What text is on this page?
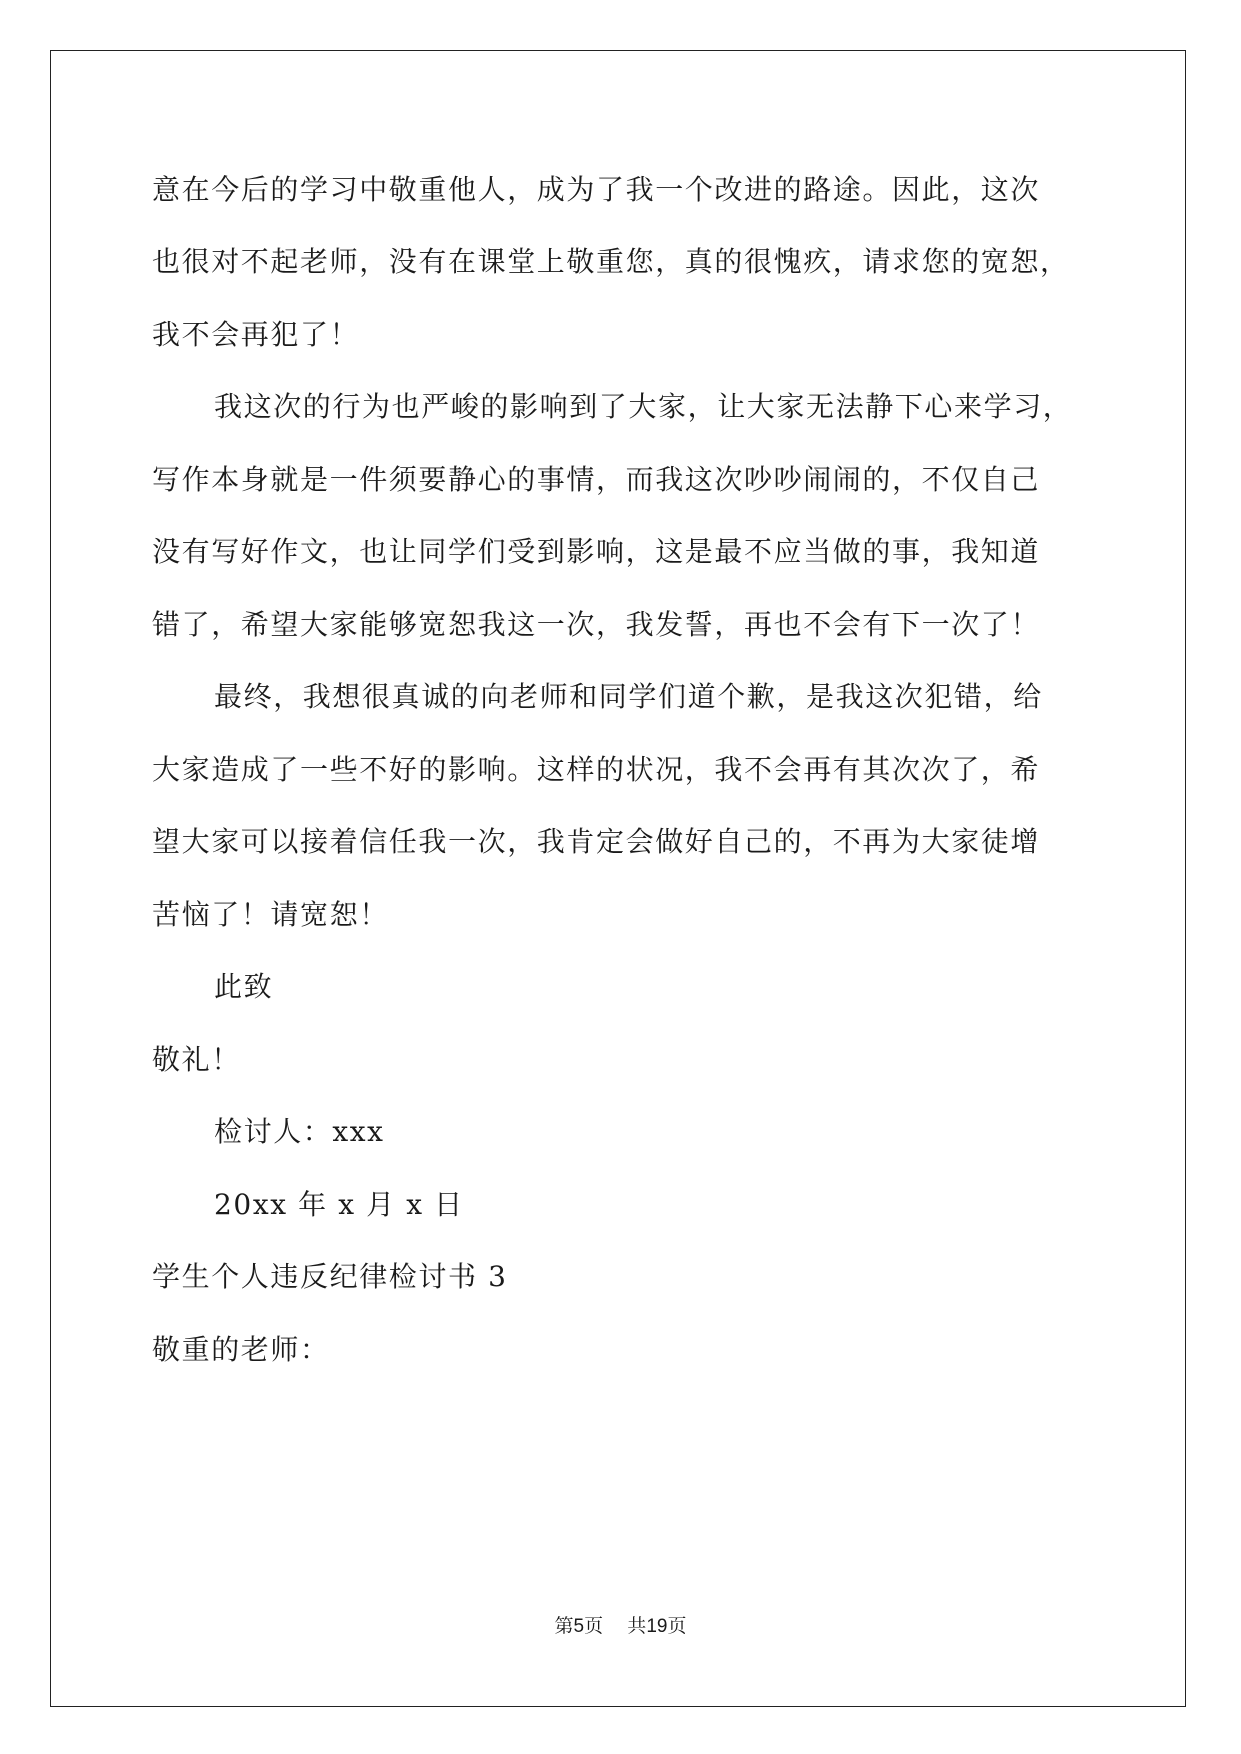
意在今后的学习中敬重他人，成为了我一个改进的路途。因此，这次
也很对不起老师，没有在课堂上敬重您，真的很愧疚，请求您的宽恕，
我不会再犯了！
我这次的行为也严峻的影响到了大家，让大家无法静下心来学习，
写作本身就是一件须要静心的事情，而我这次吵吵闹闹的，不仅自己
没有写好作文，也让同学们受到影响，这是最不应当做的事，我知道
错了，希望大家能够宽恕我这一次，我发誓，再也不会有下一次了！
最终，我想很真诚的向老师和同学们道个歉，是我这次犯错，给
大家造成了一些不好的影响。这样的状况，我不会再有其次次了，希
望大家可以接着信任我一次，我肯定会做好自己的，不再为大家徒增
苦恼了！请宽恕！
此致
敬礼！
检讨人：xxx
20xx 年 x 月 x 日
学生个人违反纪律检讨书 3
敬重的老师：
第5页 共19页
